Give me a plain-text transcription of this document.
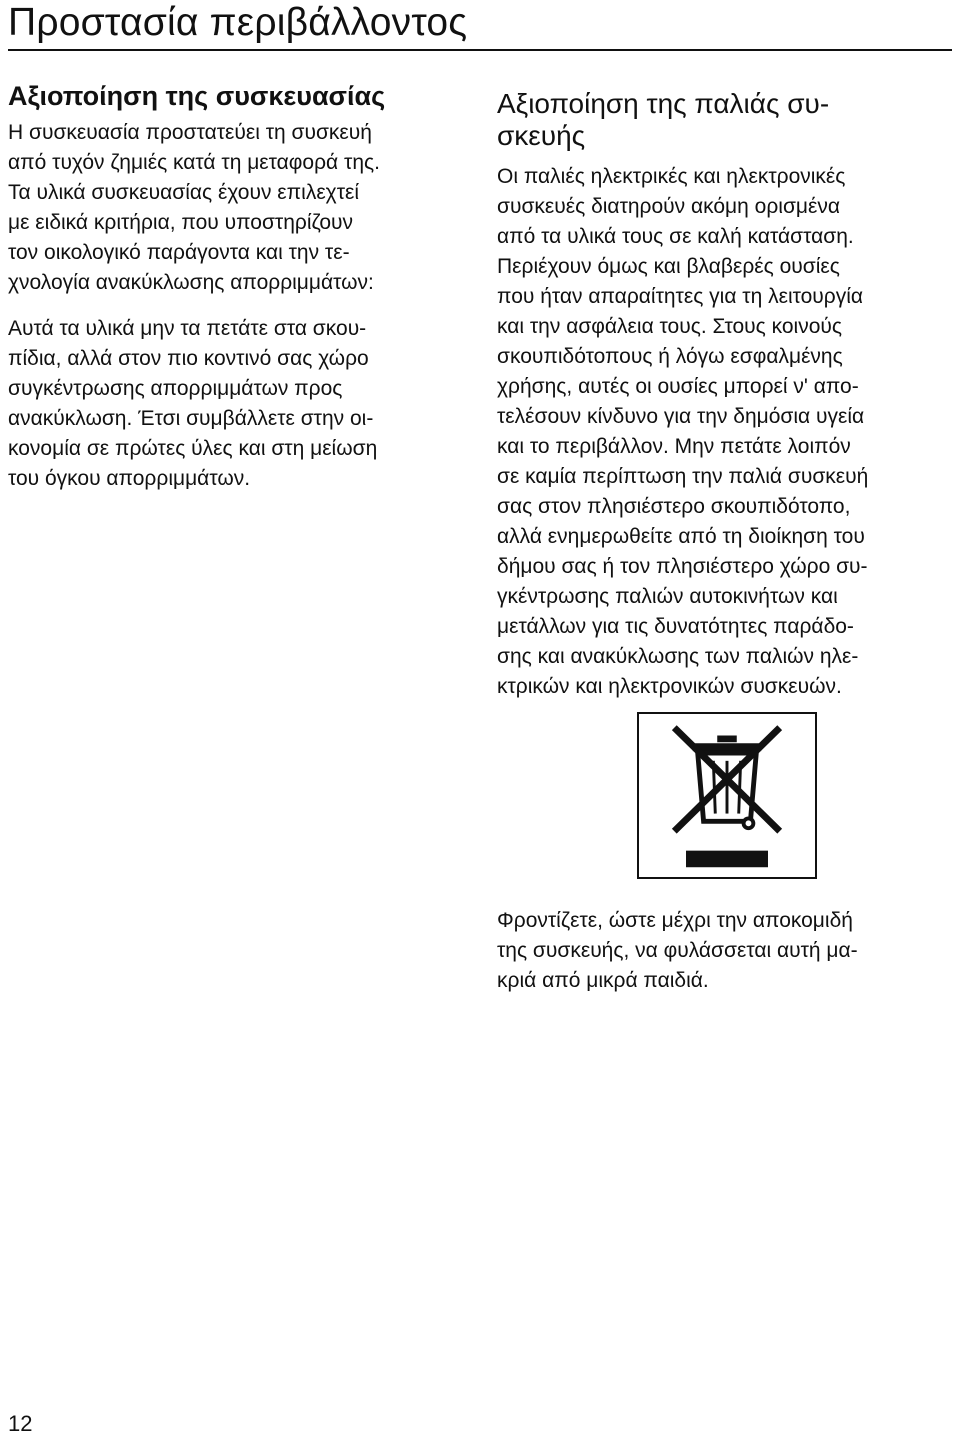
Προστασία περιβάλλοντος
Αξιοποίηση της συσκευασίας

Η συσκευασία προστατεύει τη συσκευή
από τυχόν ζημιές κατά τη μεταφορά της.
Τα υλικά συσκευασίας έχουν επιλεχτεί
με ειδικά κριτήρια, που υποστηρίζουν
τον οικολογικό παράγοντα και την τε-
χνολογία ανακύκλωσης απορριμμάτων:

Αυτά τα υλικά μην τα πετάτε στα σκου-
πίδια, αλλά στον πιο κοντινό σας χώρο
συγκέντρωσης απορριμμάτων προς
ανακύκλωση. Έτσι συμβάλλετε στην οι-
κονομία σε πρώτες ύλες και στη μείωση
του όγκου απορριμμάτων.

Αξιοποίηση της παλιάς συ-
σκευής

Οι παλιές ηλεκτρικές και ηλεκτρονικές
συσκευές διατηρούν ακόμη ορισμένα
από τα υλικά τους σε καλή κατάσταση.
Περιέχουν όμως και βλαβερές ουσίες
που ήταν απαραίτητες για τη λειτουργία
και την ασφάλεια τους. Στους κοινούς
σκουπιδότοπους ή λόγω εσφαλμένης
χρήσης, αυτές οι ουσίες μπορεί ν' απο-
τελέσουν κίνδυνο για την δημόσια υγεία
και το περιβάλλον. Μην πετάτε λοιπόν
σε καμία περίπτωση την παλιά συσκευή
σας στον πλησιέστερο σκουπιδότοπο,
αλλά ενημερωθείτε από τη διοίκηση του
δήμου σας ή τον πλησιέστερο χώρο συ-
γκέντρωσης παλιών αυτοκινήτων και
μετάλλων για τις δυνατότητες παράδο-
σης και ανακύκλωσης των παλιών ηλε-
κτρικών και ηλεκτρονικών συσκευών.

Φροντίζετε, ώστε μέχρι την αποκομιδή
της συσκευής, να φυλάσσεται αυτή μα-
κριά από μικρά παιδιά.

12
